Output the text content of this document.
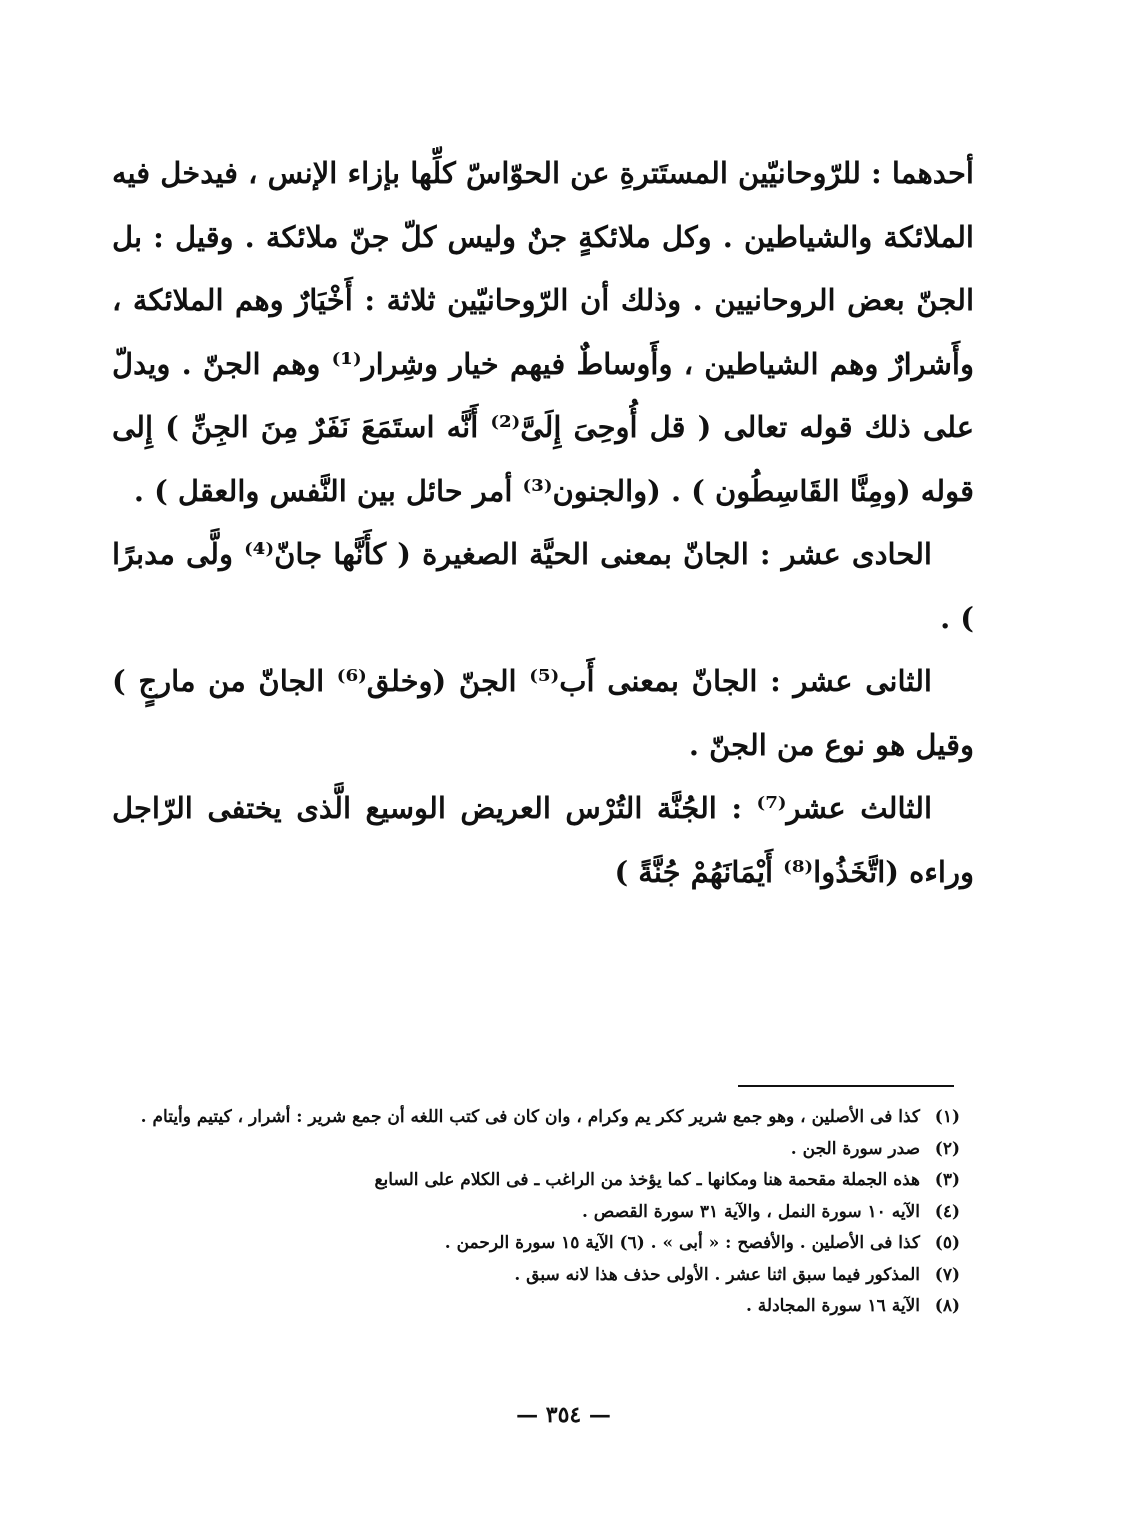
أحدهما : للرّوحانيّين المستَترةِ عن الحوّاسّ كلِّها بإزاء الإنس ، فيدخل فيه الملائكة والشياطين . وكل ملائكةٍ جنٌ وليس كلّ جنّ ملائكة . وقيل : بل الجنّ بعض الروحانيين . وذلك أن الرّوحانيّين ثلاثة : أَخْيَارٌ وهم الملائكة ، وأَشرارٌ وهم الشياطين ، وأَوساطٌ فيهم خيار وشِرار⁽¹⁾ وهم الجنّ . ويدلّ على ذلك قوله تعالى ( قل أُوحِىَ إِلَىَّ⁽²⁾ أَنَّه استَمَعَ نَفَرٌ مِنَ الجِنِّ ) إِلى قوله (ومِنَّا القَاسِطُون ) . (والجنون⁽³⁾ أمر حائل بين النَّفس والعقل ) .

الحادى عشر : الجانّ بمعنى الحيَّة الصغيرة ( كأَنَّها جانّ⁽⁴⁾ ولَّى مدبرًا ) .

الثانى عشر : الجانّ بمعنى أَب⁽⁵⁾ الجنّ (وخلق⁽⁶⁾ الجانّ من مارجٍ ) وقيل هو نوع من الجنّ .

الثالث عشر⁽⁷⁾ : الجُنَّة التُرْس العريض الوسيع الَّذى يختفى الرّاجل وراءه (اتَّخَذُوا⁽⁸⁾ أَيْمَانَهُمْ جُنَّةً )

(١)كذا فى الأصلين ، وهو جمع شرير ككر يم وكرام ، وان كان فى كتب اللغه أن جمع شرير : أشرار ، كيتيم وأيتام .

(٢)صدر سورة الجن .

(٣)هذه الجملة مقحمة هنا ومكانها ـ كما يؤخذ من الراغب ـ فى الكلام على السابع

(٤)الآيه ١٠ سورة النمل ، والآية ٣١ سورة القصص .

(٥)كذا فى الأصلين . والأفصح : « أبى » . (٦) الآية ١٥ سورة الرحمن .

(٧)المذكور فيما سبق اثنا عشر . الأولى حذف هذا لانه سبق .

(٨)الآية ١٦ سورة المجادلة .

— ٣٥٤ —
